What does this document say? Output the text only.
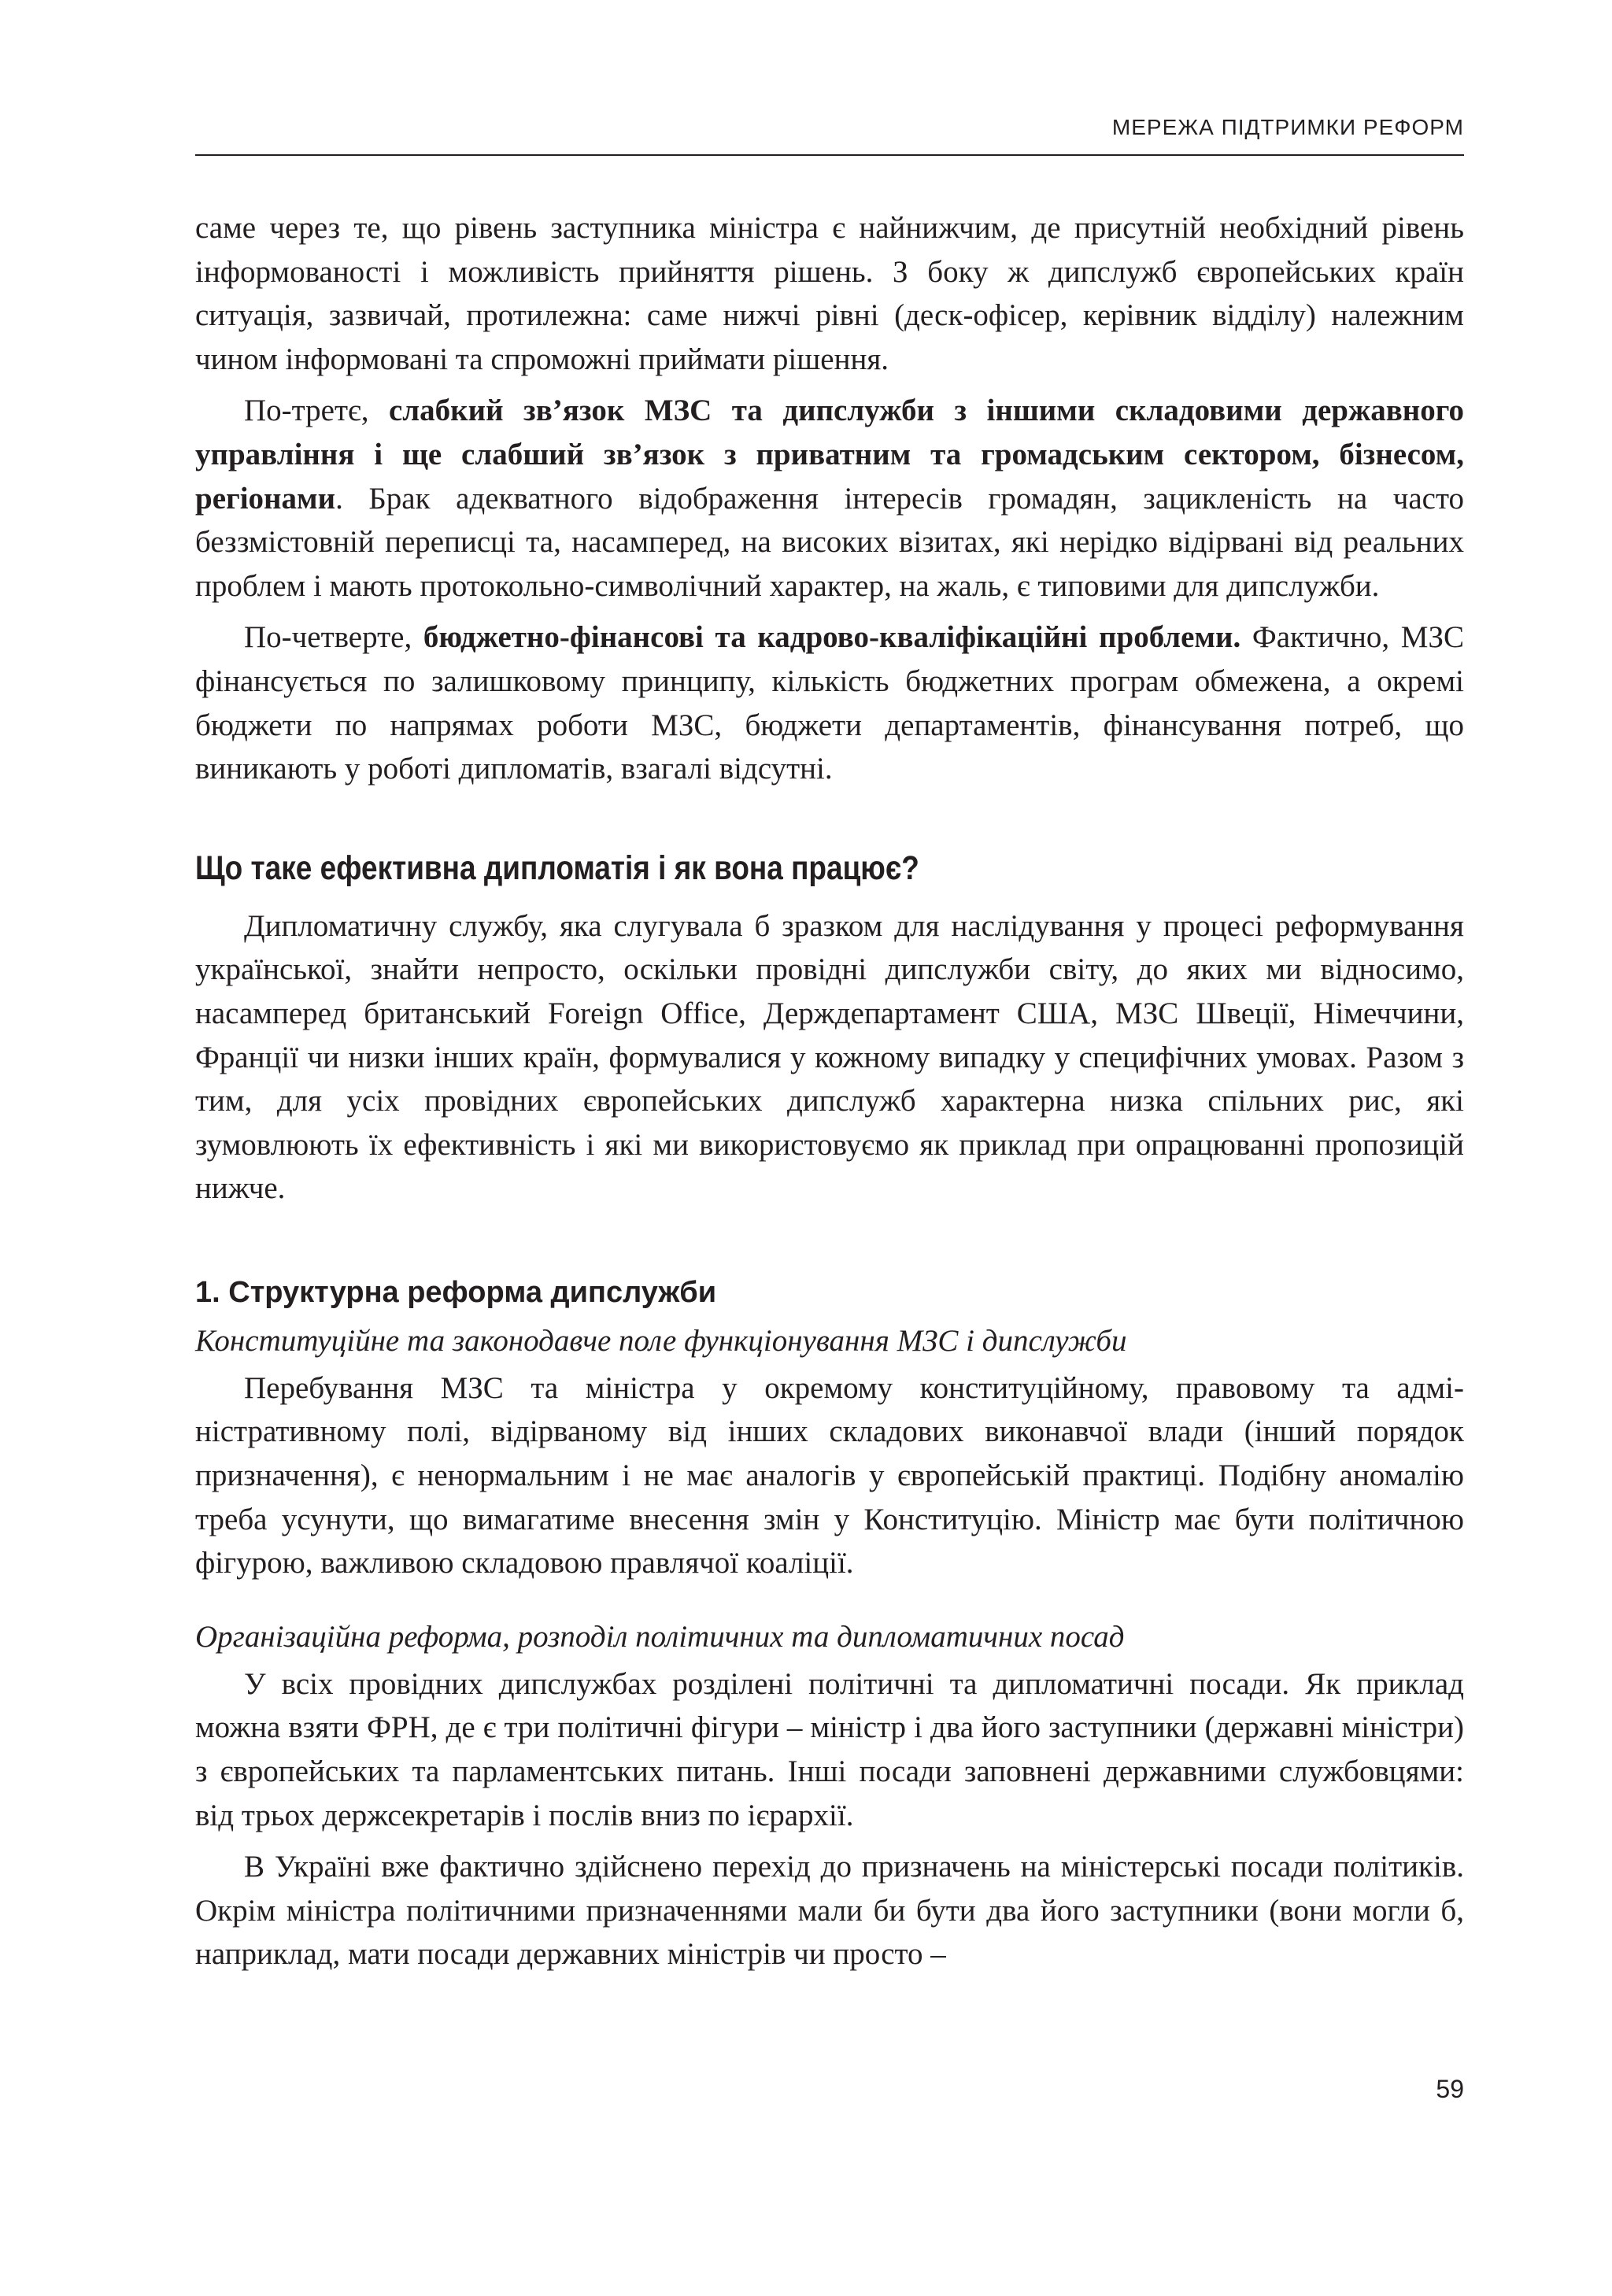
МЕРЕЖА ПІДТРИМКИ РЕФОРМ

саме через те, що рівень заступника міністра є найнижчим, де присутній необхідний рівень інформованості і можливість прийняття рішень. З боку ж дипслужб європейських країн ситуація, зазвичай, протилежна: саме нижчі рівні (деск-офісер, керівник відділу) належним чином інформовані та спроможні приймати рішення.

По-третє, слабкий зв’язок МЗС та дипслужби з іншими складовими державного управління і ще слабший зв’язок з приватним та громадським сектором, бізнесом, регіонами. Брак адекватного відображення інтересів громадян, зацикленість на часто беззмістовній переписці та, насамперед, на високих візитах, які нерідко відірвані від реальних проблем і мають протокольно-символічний характер, на жаль, є типовими для дипслужби.

По-четверте, бюджетно-фінансові та кадрово-кваліфікаційні проблеми. Фактично, МЗС фінансується по залишковому принципу, кількість бюджетних програм обмежена, а окремі бюджети по напрямах роботи МЗС, бюджети департаментів, фінансування потреб, що виникають у роботі дипломатів, взагалі відсутні.

Що таке ефективна дипломатія і як вона працює?

Дипломатичну службу, яка слугувала б зразком для наслідування у процесі реформування української, знайти непросто, оскільки провідні дипслужби світу, до яких ми відносимо, насамперед британський Foreign Office, Держдепартамент США, МЗС Швеції, Німеччини, Франції чи низки інших країн, формувалися у кожному випадку у специфічних умовах. Разом з тим, для усіх провідних європейських дипслужб характерна низка спільних рис, які зумовлюють їх ефективність і які ми використовуємо як приклад при опрацюванні пропозицій нижче.

1. Структурна реформа дипслужби
Конституційне та законодавче поле функціонування МЗС і дипслужби

Перебування МЗС та міністра у окремому конституційному, правовому та адміністративному полі, відірваному від інших складових виконавчої влади (інший порядок призначення), є ненормальним і не має аналогів у європейській практиці. Подібну аномалію треба усунути, що вимагатиме внесення змін у Конституцію. Міністр має бути політичною фігурою, важливою складовою правлячої коаліції.

Організаційна реформа, розподіл політичних та дипломатичних посад

У всіх провідних дипслужбах розділені політичні та дипломатичні посади. Як приклад можна взяти ФРН, де є три політичні фігури – міністр і два його заступники (державні міністри) з європейських та парламентських питань. Інші посади заповнені державними службовцями: від трьох держсекретарів і послів вниз по ієрархії.

В Україні вже фактично здійснено перехід до призначень на міністерські посади політиків. Окрім міністра політичними призначеннями мали би бути два його заступники (вони могли б, наприклад, мати посади державних міністрів чи просто –

59
